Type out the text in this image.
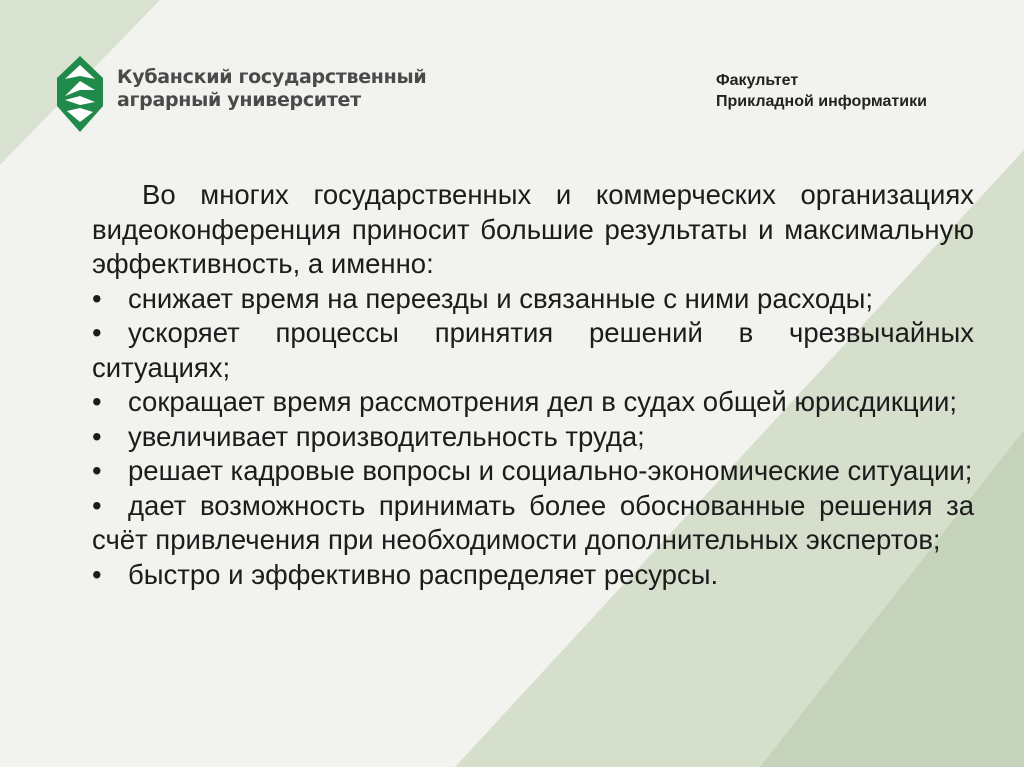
Кубанский государственный
аграрный университет
Факультет
Прикладной информатики

Во многих государственных и коммерческих организациях видеоконференция приносит большие результаты и максимальную эффективность, а именно:

• снижает время на переезды и связанные с ними расходы;
• ускоряет процессы принятия решений в чрезвычайных ситуациях;
• сокращает время рассмотрения дел в судах общей юрисдикции;
• увеличивает производительность труда;
• решает кадровые вопросы и социально-экономические ситуации;
• дает возможность принимать более обоснованные решения за счёт привлечения при необходимости дополнительных экспертов;
• быстро и эффективно распределяет ресурсы.
